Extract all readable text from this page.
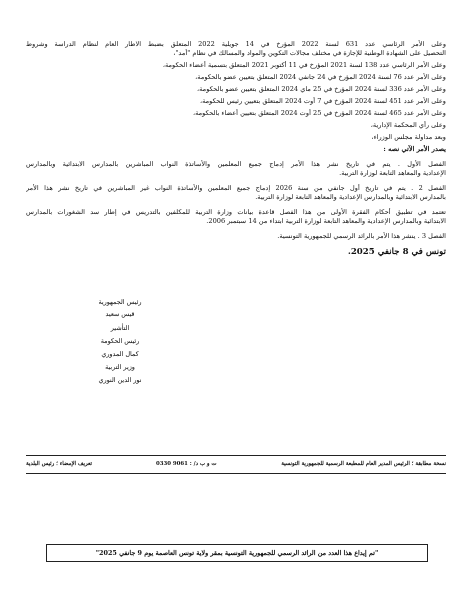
وعلى الأمر الرئاسي عدد 631 لسنة 2022 المؤرخ في 14 جويلية 2022 المتعلق بضبط الاطار العام لنظام الدراسة وشروط
التحصيل على الشهادة الوطنية للإجازة في مختلف مجالات التكوين والمواد والمسالك في نظام "أمد"،
وعلى الأمر الرئاسي عدد 138 لسنة 2021 المؤرخ في 11 أكتوبر 2021 المتعلق بتسمية أعضاء الحكومة،
وعلى الأمر عدد 76 لسنة 2024 المؤرخ في 24 جانفي 2024 المتعلق بتعيين عضو بالحكومة،
وعلى الأمر عدد 336 لسنة 2024 المؤرخ في 25 ماي 2024 المتعلق بتعيين عضو بالحكومة،
وعلى الأمر عدد 451 لسنة 2024 المؤرخ في 7 أوت 2024 المتعلق بتعيين رئيس للحكومة،
وعلى الأمر عدد 465 لسنة 2024 المؤرخ في 25 أوت 2024 المتعلق بتعيين أعضاء بالحكومة،
وعلى رأي المحكمة الإدارية،
وبعد مداولة مجلس الوزراء،
يصدر الأمر الآتي نصه :
الفصل الأول . يتم في تاريخ نشر هذا الأمر إدماج جميع المعلمين والأساتذة النواب المباشرين بالمدارس الابتدائية وبالمدارس
الإعدادية والمعاهد التابعة لوزارة التربية.
الفصل 2 . يتم في تاريخ أول جانفي من سنة 2026 إدماج جميع المعلمين والأساتذة النواب غير المباشرين في تاريخ نشر هذا الأمر
بالمدارس الابتدائية وبالمدارس الإعدادية والمعاهد التابعة لوزارة التربية.
تعتمد في تطبيق أحكام الفقرة الأولى من هذا الفصل قاعدة بيانات وزارة التربية للمكلفين بالتدريس في إطار سد الشغورات بالمدارس
الابتدائية وبالمدارس الإعدادية والمعاهد التابعة لوزارة التربية ابتداء من 14 سبتمبر 2006.
الفصل 3 . ينشر هذا الأمر بالرائد الرسمي للجمهورية التونسية.
تونس في 8 جانفي 2025.
رئيس الجمهورية
قيس سعيد
التأشير
رئيس الحكومة
كمال المدوري
وزير التربية
نور الدين النوري
نسخة مطابقة ؛ الرئيس المدير العام للمطبعة الرسمية للجمهورية التونسية
ت و ب د/ : 9061 0330
تعريف الإمضاء ؛ رئيس البلدية
"تم إيداع هذا العدد من الرائد الرسمي للجمهورية التونسية بمقر ولاية تونس العاصمة يوم 9 جانفي 2025"
